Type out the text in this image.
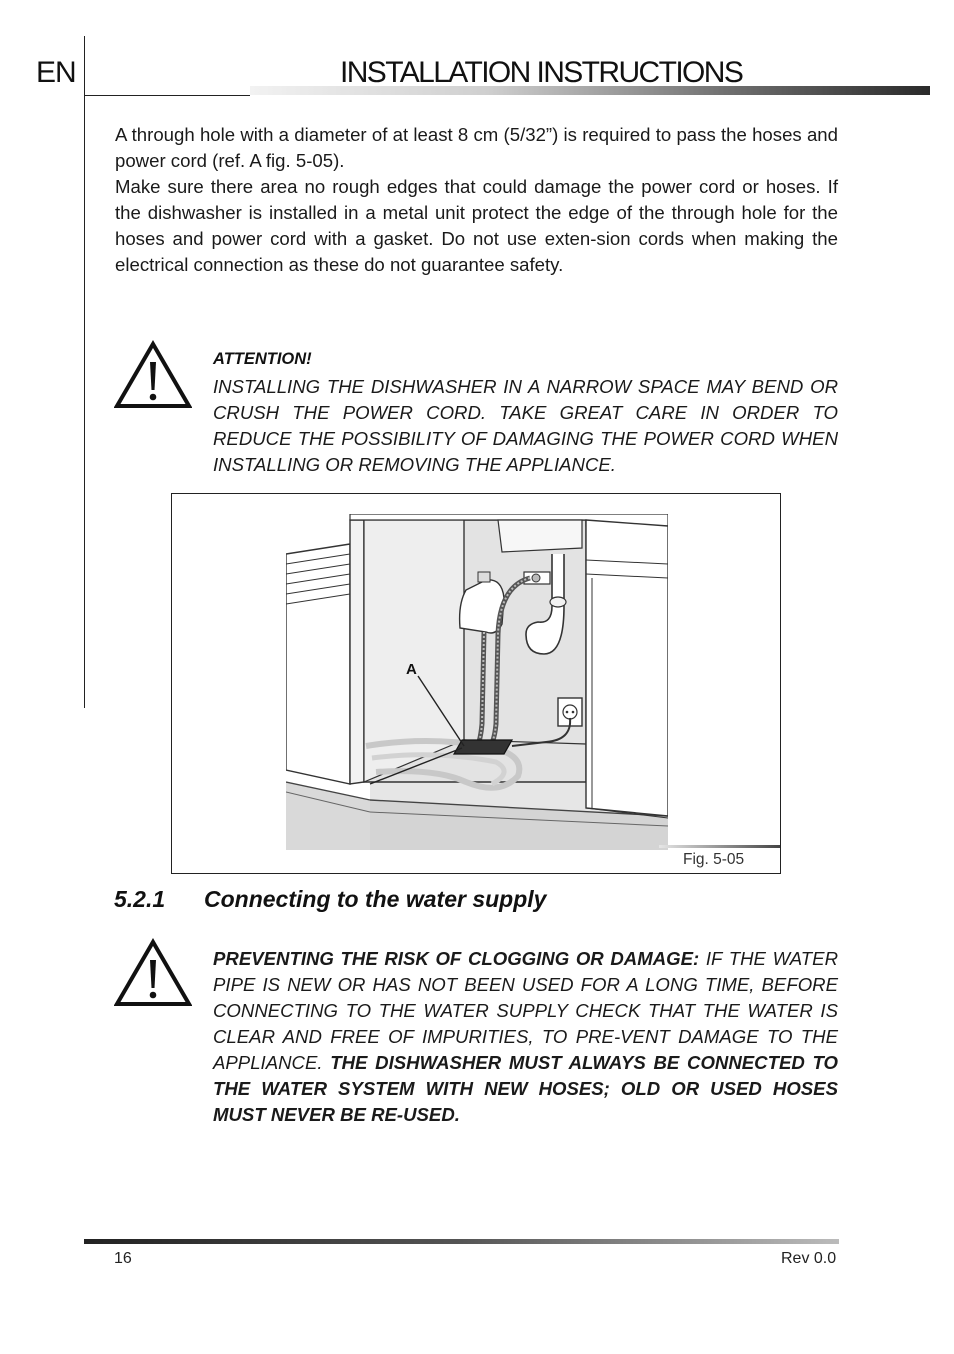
EN	INSTALLATION INSTRUCTIONS
A through hole with a diameter of at least 8 cm (5/32”) is required to pass the hoses and power cord (ref. A fig. 5-05).
Make sure there area no rough edges that could damage the power cord or hoses. If the dishwasher is installed in a metal unit protect the edge of the through hole for the hoses and power cord with a gasket. Do not use exten-sion cords when making the electrical connection as these do not guarantee safety.
ATTENTION!
INSTALLING THE DISHWASHER IN A NARROW SPACE MAY BEND OR CRUSH THE POWER CORD. TAKE GREAT CARE IN ORDER TO REDUCE THE POSSIBILITY OF DAMAGING THE POWER CORD WHEN INSTALLING OR REMOVING THE APPLIANCE.
A
Fig. 5-05
5.2.1 Connecting to the water supply
PREVENTING THE RISK OF CLOGGING OR DAMAGE: IF THE WATER PIPE IS NEW OR HAS NOT BEEN USED FOR A LONG TIME, BEFORE CONNECTING TO THE WATER SUPPLY CHECK THAT THE WATER IS CLEAR AND FREE OF IMPURITIES, TO PRE-VENT DAMAGE TO THE APPLIANCE. THE DISHWASHER MUST ALWAYS BE CONNECTED TO THE WATER SYSTEM WITH NEW HOSES; OLD OR USED HOSES MUST NEVER BE RE-USED.
16	Rev 0.0
